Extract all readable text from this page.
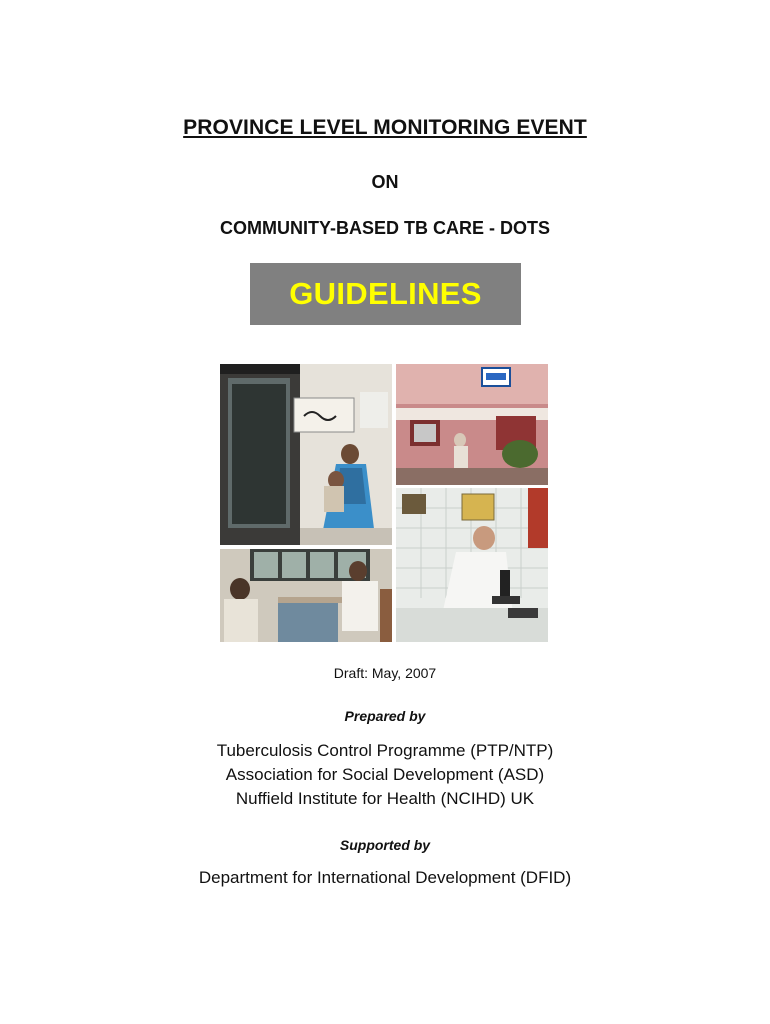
PROVINCE LEVEL MONITORING EVENT
ON
COMMUNITY-BASED TB CARE - DOTS
GUIDELINES
Draft: May, 2007
Prepared by
Tuberculosis Control Programme (PTP/NTP)
Association for Social Development (ASD)
Nuffield Institute for Health (NCIHD) UK
Supported by
Department for International Development (DFID)
